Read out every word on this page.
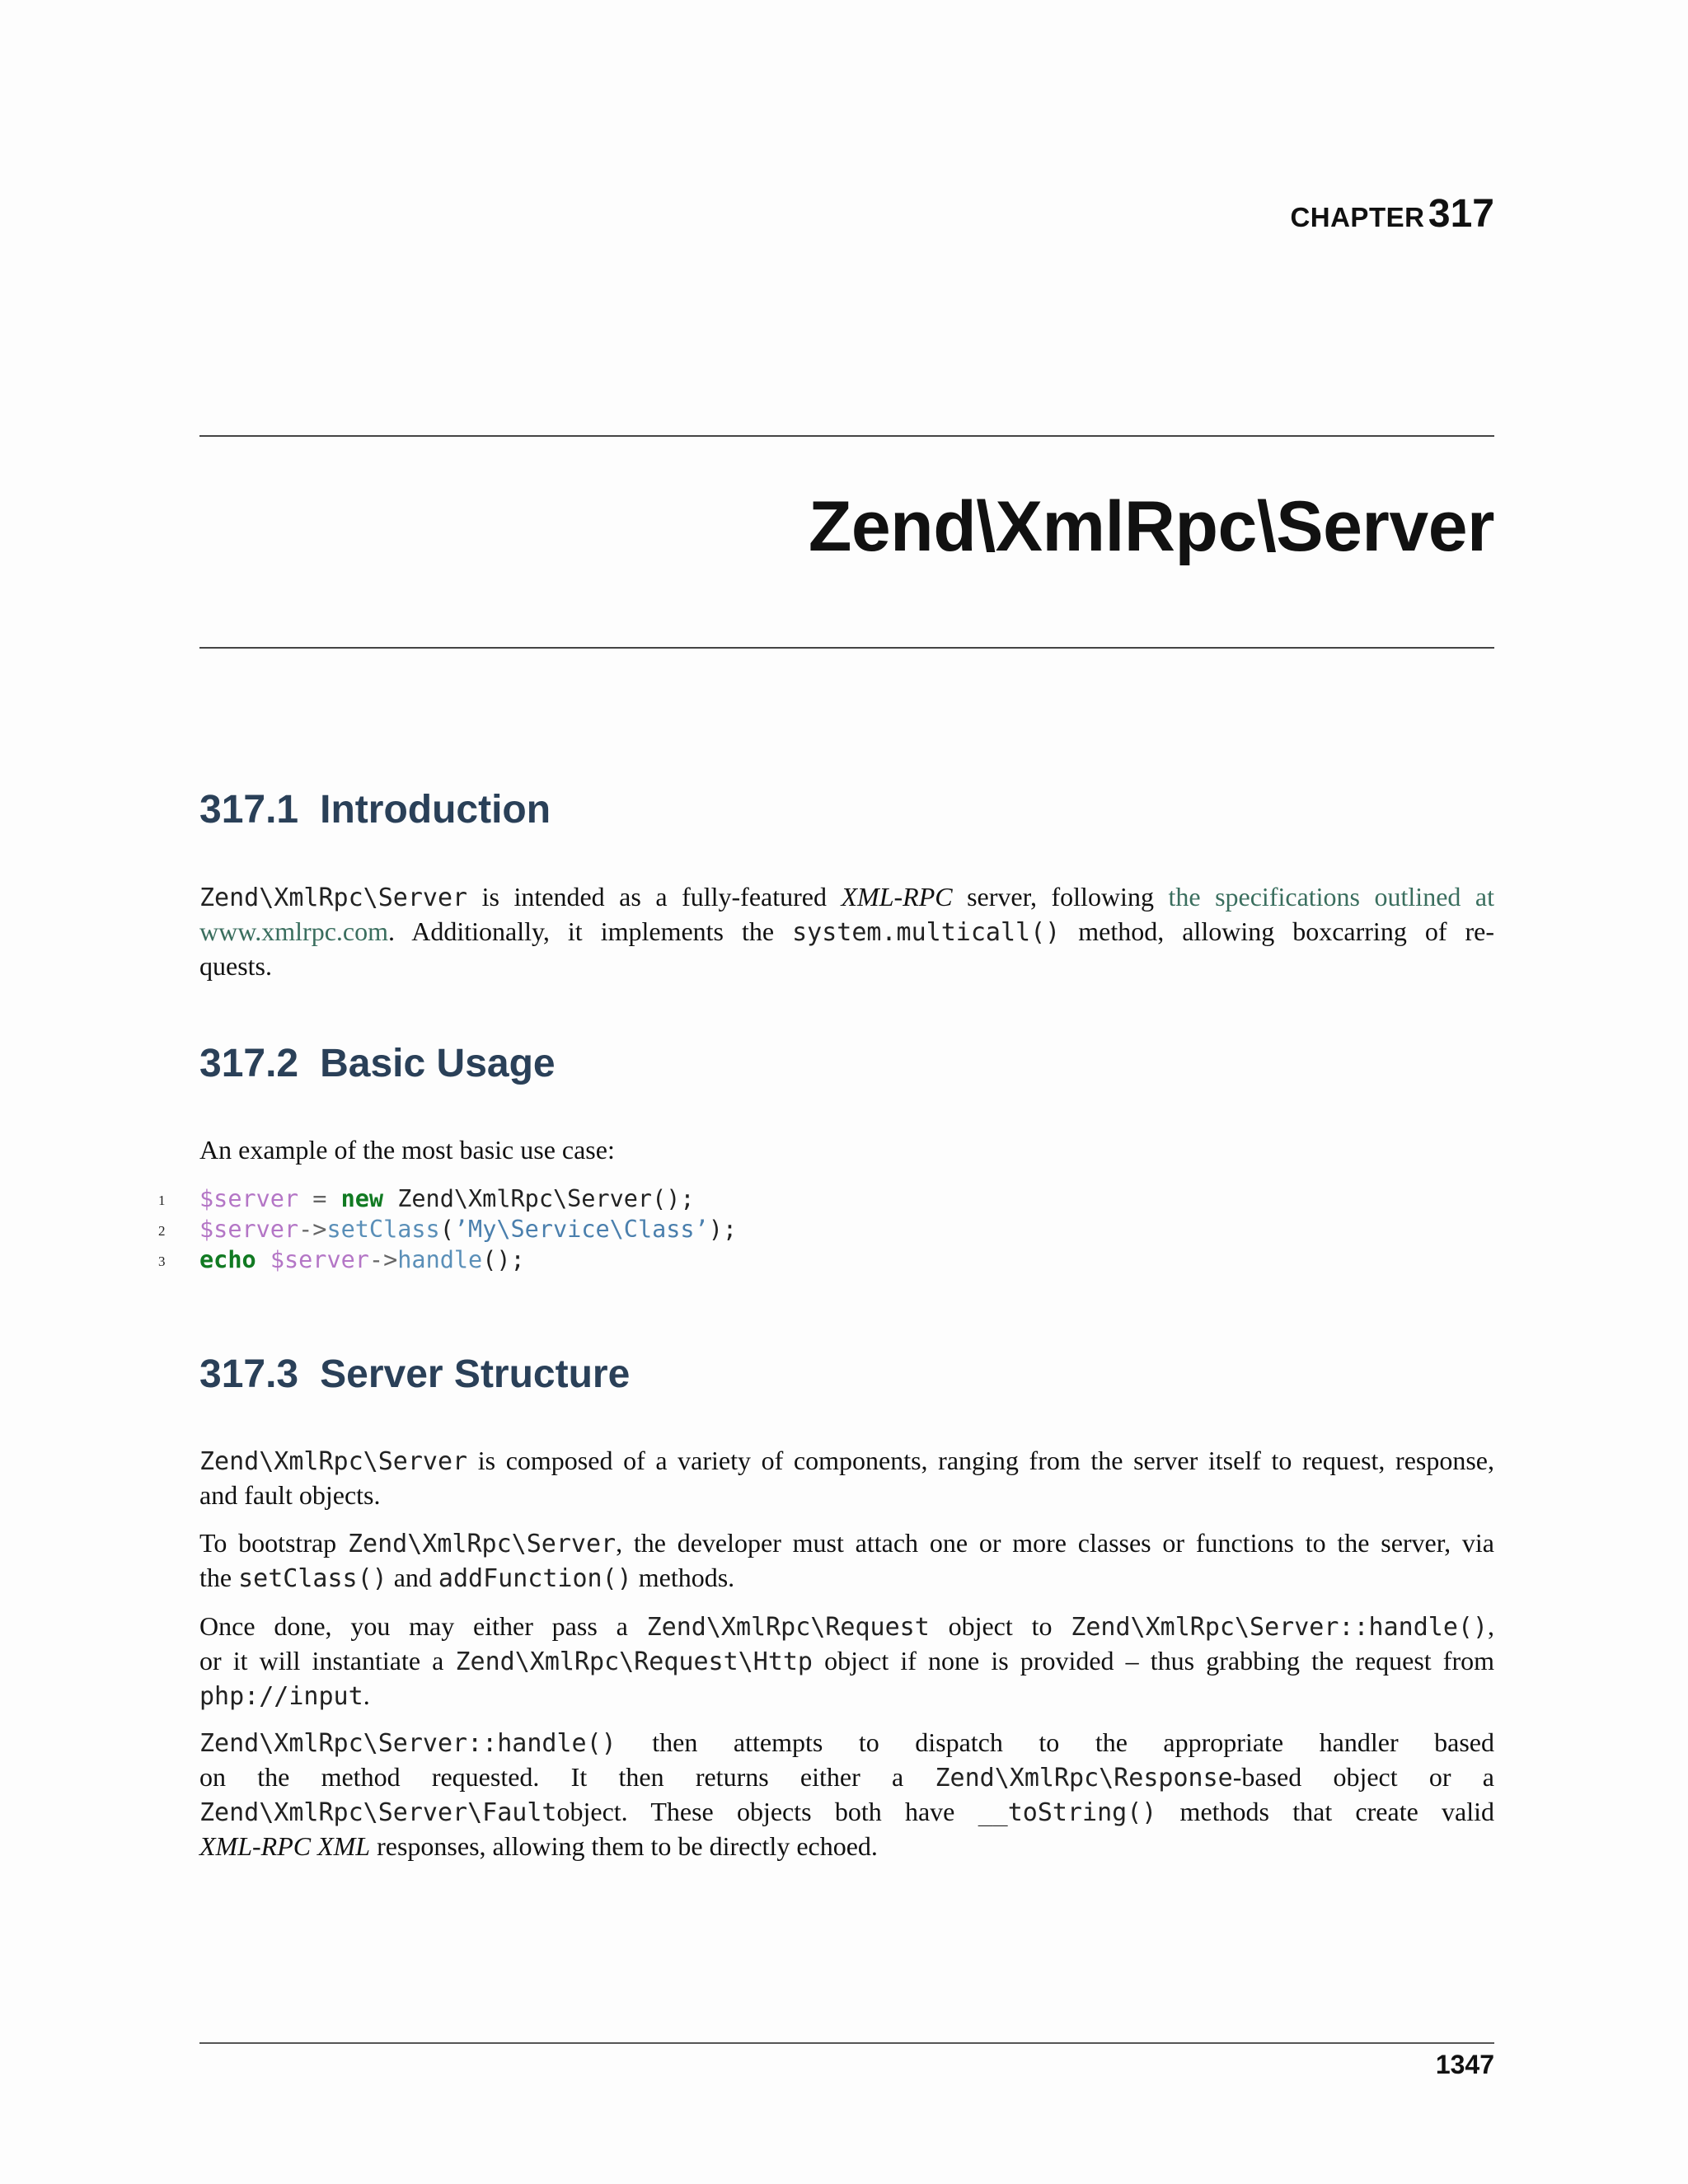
CHAPTER 317
Zend\XmlRpc\Server
317.1 Introduction
Zend\XmlRpc\Server is intended as a fully-featured XML-RPC server, following the specifications outlined at
www.xmlrpc.com. Additionally, it implements the system.multicall() method, allowing boxcarring of re-
quests.
317.2 Basic Usage
An example of the most basic use case:
1 $server = new Zend\XmlRpc\Server();
2 $server->setClass(’My\Service\Class’);
3 echo $server->handle();
317.3 Server Structure
Zend\XmlRpc\Server is composed of a variety of components, ranging from the server itself to request, response,
and fault objects.
To bootstrap Zend\XmlRpc\Server, the developer must attach one or more classes or functions to the server, via
the setClass() and addFunction() methods.
Once done, you may either pass a Zend\XmlRpc\Request object to Zend\XmlRpc\Server::handle(),
or it will instantiate a Zend\XmlRpc\Request\Http object if none is provided – thus grabbing the request from
php://input.
Zend\XmlRpc\Server::handle() then attempts to dispatch to the appropriate handler based
on the method requested. It then returns either a Zend\XmlRpc\Response-based object or a
Zend\XmlRpc\Server\Faultobject. These objects both have __toString() methods that create valid
XML-RPC XML responses, allowing them to be directly echoed.
1347
